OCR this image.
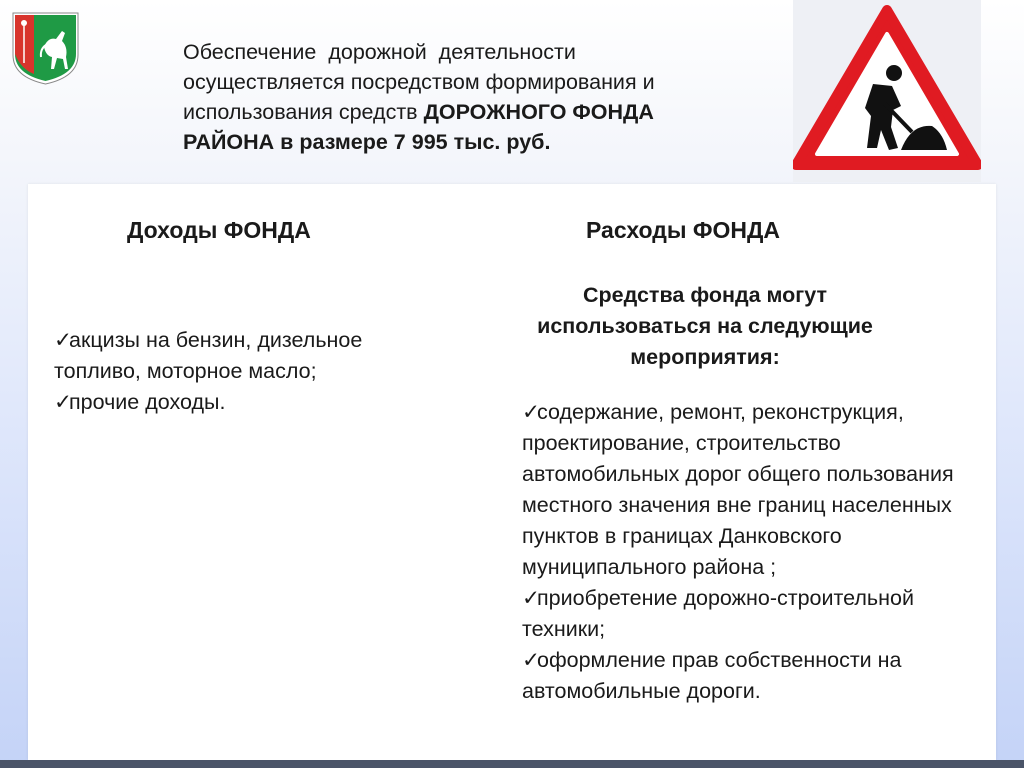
Обеспечение  дорожной  деятельности
осуществляется посредством формирования и
использования средств ДОРОЖНОГО ФОНДА
РАЙОНА в размере 7 995 тыс. руб.
Доходы ФОНДА	Расходы ФОНДА
✓акцизы на бензин, дизельное топливо, моторное масло;
✓прочие доходы.
Средства фонда могут использоваться на следующие мероприятия:
✓содержание, ремонт, реконструкция, проектирование, строительство автомобильных дорог общего пользования местного значения вне границ населенных пунктов в границах Данковского муниципального района ;
✓приобретение дорожно-строительной техники;
✓оформление прав собственности на автомобильные дороги.
